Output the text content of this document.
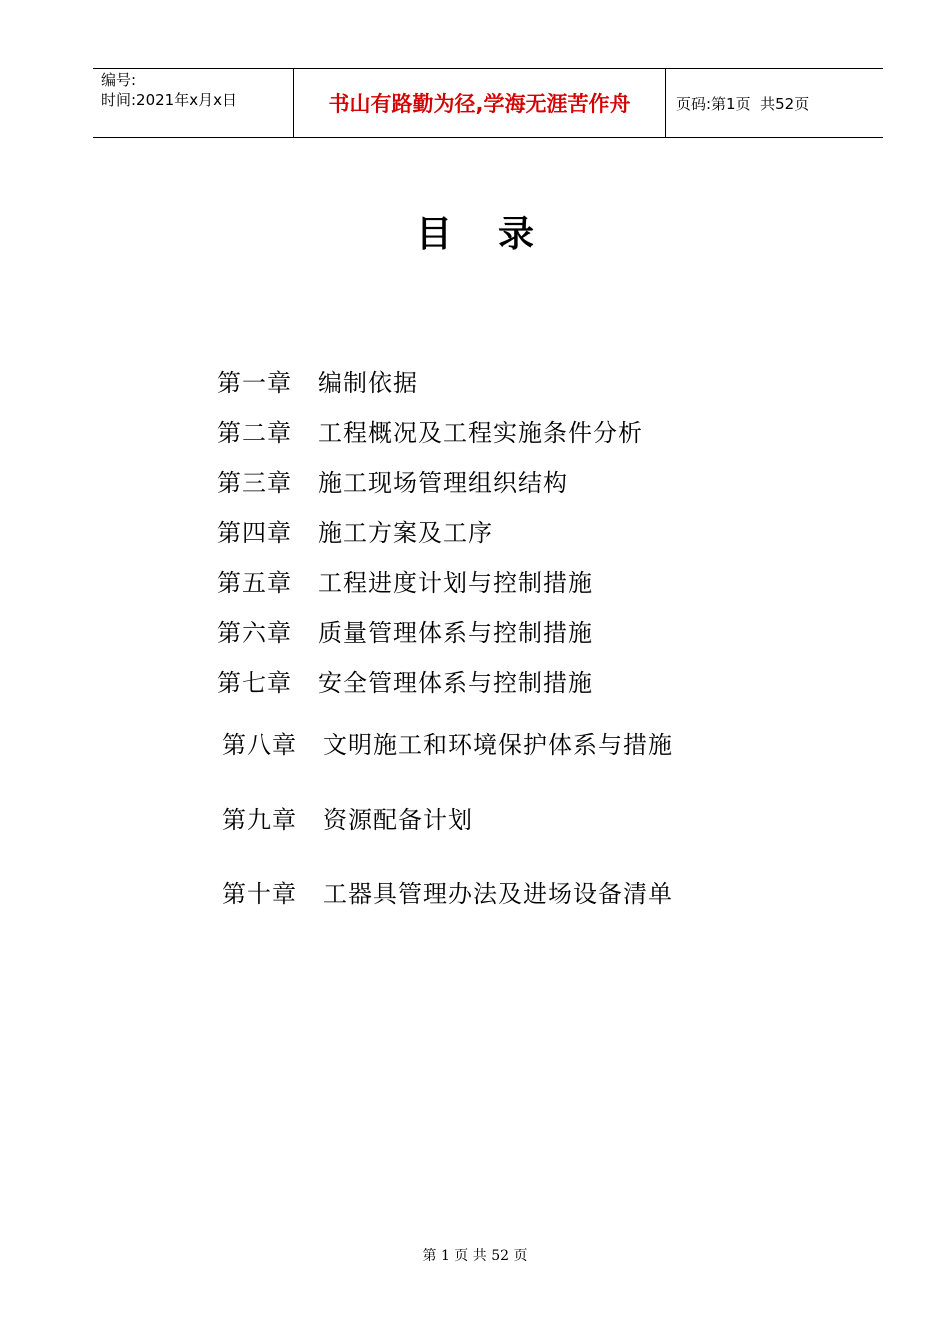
编号:
时间:2021年x月x日	书山有路勤为径,学海无涯苦作舟	页码:第1页  共52页
目录
第一章 编制依据
第二章 工程概况及工程实施条件分析
第三章 施工现场管理组织结构
第四章 施工方案及工序
第五章 工程进度计划与控制措施
第六章 质量管理体系与控制措施
第七章 安全管理体系与控制措施
第八章 文明施工和环境保护体系与措施
第九章 资源配备计划
第十章 工器具管理办法及进场设备清单
第 1 页 共 52 页
